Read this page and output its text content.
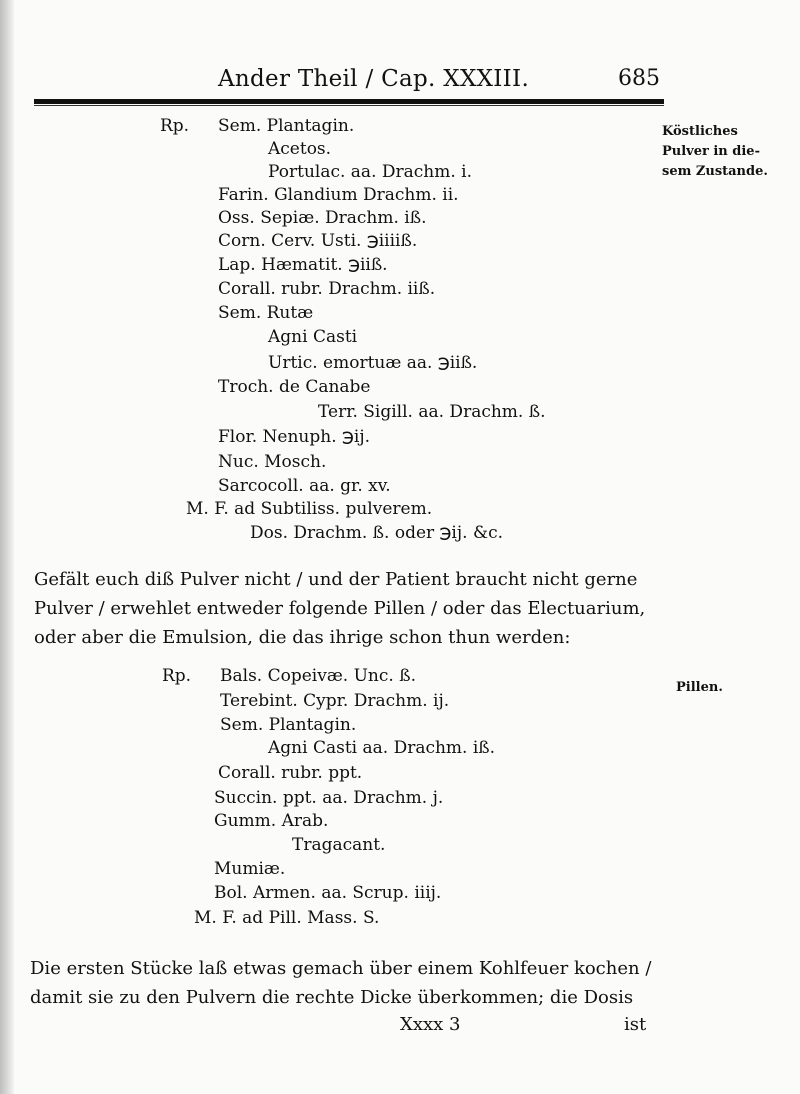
Ander Theil / Cap. XXXIII.	685
Köstliches
Pulver in die-
sem Zustande.
Pillen.
Rp. Sem. Plantagin.
Acetos.
Portulac. aa. Drachm. i.
Farin. Glandium Drachm. ii.
Oss. Sepiæ. Drachm. iß.
Corn. Cerv. Usti. ℈iiiiß.
Lap. Hæmatit. ℈iiß.
Corall. rubr. Drachm. iiß.
Sem. Rutæ
Agni Casti
Urtic. emortuæ aa. ℈iiß.
Troch. de Canabe
Terr. Sigill. aa. Drachm. ß.
Flor. Nenuph. ℈ij.
Nuc. Mosch.
Sarcocoll. aa. gr. xv.
M. F. ad Subtiliss. pulverem.
Dos. Drachm. ß. oder ℈ij. &c.
Gefält euch diß Pulver nicht / und der Patient braucht nicht gerne
Pulver / erwehlet entweder folgende Pillen / oder das Electuarium,
oder aber die Emulsion, die das ihrige schon thun werden:
Rp. Bals. Copeivæ. Unc. ß.
Terebint. Cypr. Drachm. ij.
Sem. Plantagin.
Agni Casti aa. Drachm. iß.
Corall. rubr. ppt.
Succin. ppt. aa. Drachm. j.
Gumm. Arab.
Tragacant.
Mumiæ.
Bol. Armen. aa. Scrup. iiij.
M. F. ad Pill. Mass. S.
Die ersten Stücke laß etwas gemach über einem Kohlfeuer kochen /
damit sie zu den Pulvern die rechte Dicke überkommen; die Dosis
Xxxx 3	ist
